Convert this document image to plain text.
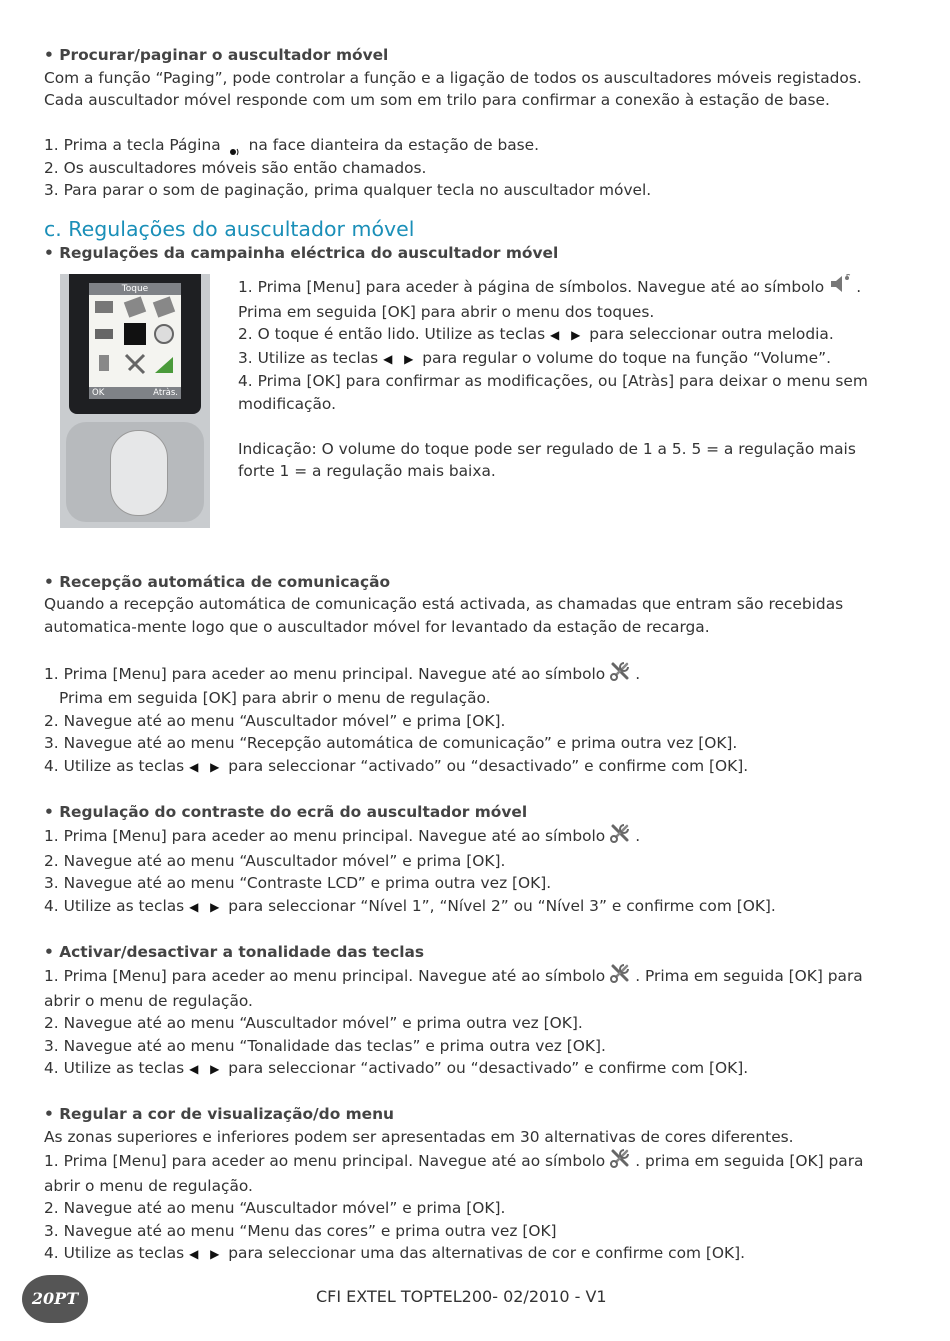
• Procurar/paginar o auscultador móvel

Com a função “Paging”, pode controlar a função e a ligação de todos os auscultadores móveis registados. Cada auscultador móvel responde com um som em trilo para confirmar a conexão à estação de base.

1. Prima a tecla Página na face dianteira da estação de base.

2. Os auscultadores móveis são então chamados.

3. Para parar o som de paginação, prima qualquer tecla no auscultador móvel.

c. Regulações do auscultador móvel

• Regulações da campainha eléctrica do auscultador móvel

Toque
OK	Atràs.

1. Prima [Menu] para aceder à página de símbolos. Navegue até ao símbolo . Prima em seguida [OK] para abrir o menu dos toques.

2. O toque é então lido. Utilize as teclas ◀ ▶ para seleccionar outra melodia.

3. Utilize as teclas ◀ ▶ para regular o volume do toque na função “Volume”.

4. Prima [OK] para confirmar as modificações, ou [Atràs] para deixar o menu sem modificação.

Indicação: O volume do toque pode ser regulado de 1 a 5. 5 = a regulação mais forte 1 = a regulação mais baixa.

• Recepção automática de comunicação

Quando a recepção automática de comunicação está activada, as chamadas que entram são recebidas automatica-mente logo que o auscultador móvel for levantado da estação de recarga.

1. Prima [Menu] para aceder ao menu principal. Navegue até ao símbolo .

Prima em seguida [OK] para abrir o menu de regulação.

2. Navegue até ao menu “Auscultador móvel” e prima [OK].

3. Navegue até ao menu “Recepção automática de comunicação” e prima outra vez [OK].

4. Utilize as teclas ◀ ▶ para seleccionar “activado” ou “desactivado” e confirme com [OK].

• Regulação do contraste do ecrã do auscultador móvel

1. Prima [Menu] para aceder ao menu principal. Navegue até ao símbolo .

2. Navegue até ao menu “Auscultador móvel” e prima [OK].

3. Navegue até ao menu “Contraste LCD” e prima outra vez [OK].

4. Utilize as teclas ◀ ▶ para seleccionar “Nível 1”, “Nível 2” ou “Nível 3” e confirme com [OK].

• Activar/desactivar a tonalidade das teclas

1. Prima [Menu] para aceder ao menu principal. Navegue até ao símbolo . Prima em seguida [OK] para abrir o menu de regulação.

2. Navegue até ao menu “Auscultador móvel” e prima outra vez [OK].

3. Navegue até ao menu “Tonalidade das teclas” e prima outra vez [OK].

4. Utilize as teclas ◀ ▶ para seleccionar “activado” ou “desactivado” e confirme com [OK].

• Regular a cor de visualização/do menu

As zonas superiores e inferiores podem ser apresentadas em 30 alternativas de cores diferentes.

1. Prima [Menu] para aceder ao menu principal. Navegue até ao símbolo . prima em seguida [OK] para abrir o menu de regulação.

2. Navegue até ao menu “Auscultador móvel” e prima [OK].

3. Navegue até ao menu “Menu das cores” e prima outra vez [OK]

4. Utilize as teclas ◀ ▶ para seleccionar uma das alternativas de cor e confirme com [OK].

20PT	CFI EXTEL TOPTEL200- 02/2010 - V1
